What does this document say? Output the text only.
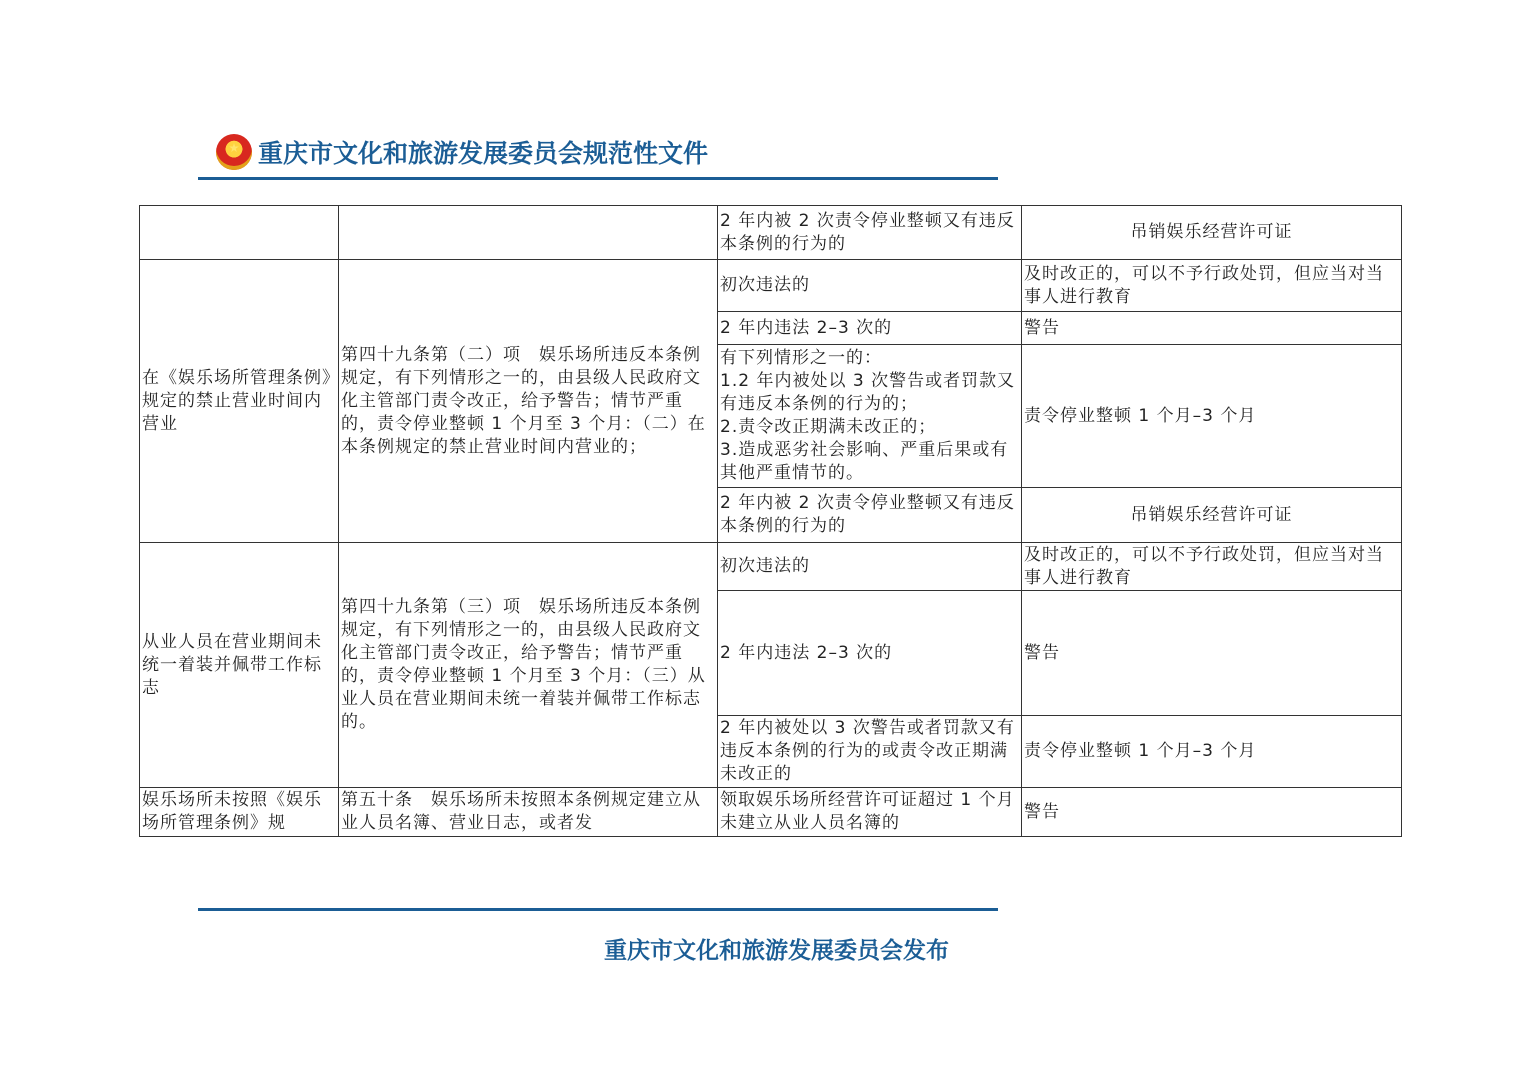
重庆市文化和旅游发展委员会规范性文件
		2 年内被 2 次责令停业整顿又有违反本条例的行为的	吊销娱乐经营许可证
在《娱乐场所管理条例》规定的禁止营业时间内营业	第四十九条第（二）项　娱乐场所违反本条例规定，有下列情形之一的，由县级人民政府文化主管部门责令改正，给予警告；情节严重的，责令停业整顿 1 个月至 3 个月：（二）在本条例规定的禁止营业时间内营业的；	初次违法的	及时改正的，可以不予行政处罚，但应当对当事人进行教育
		2 年内违法 2–3 次的	警告
		有下列情形之一的：
1.2 年内被处以 3 次警告或者罚款又有违反本条例的行为的；
2.责令改正期满未改正的；
3.造成恶劣社会影响、严重后果或有其他严重情节的。	责令停业整顿 1 个月–3 个月
		2 年内被 2 次责令停业整顿又有违反本条例的行为的	吊销娱乐经营许可证
从业人员在营业期间未统一着装并佩带工作标志	第四十九条第（三）项　娱乐场所违反本条例规定，有下列情形之一的，由县级人民政府文化主管部门责令改正，给予警告；情节严重的，责令停业整顿 1 个月至 3 个月：（三）从业人员在营业期间未统一着装并佩带工作标志的。	初次违法的	及时改正的，可以不予行政处罚，但应当对当事人进行教育
		2 年内违法 2–3 次的	警告
		2 年内被处以 3 次警告或者罚款又有违反本条例的行为的或责令改正期满未改正的	责令停业整顿 1 个月–3 个月
娱乐场所未按照《娱乐场所管理条例》规	第五十条　娱乐场所未按照本条例规定建立从业人员名簿、营业日志，或者发	领取娱乐场所经营许可证超过 1 个月未建立从业人员名簿的	警告
重庆市文化和旅游发展委员会发布
